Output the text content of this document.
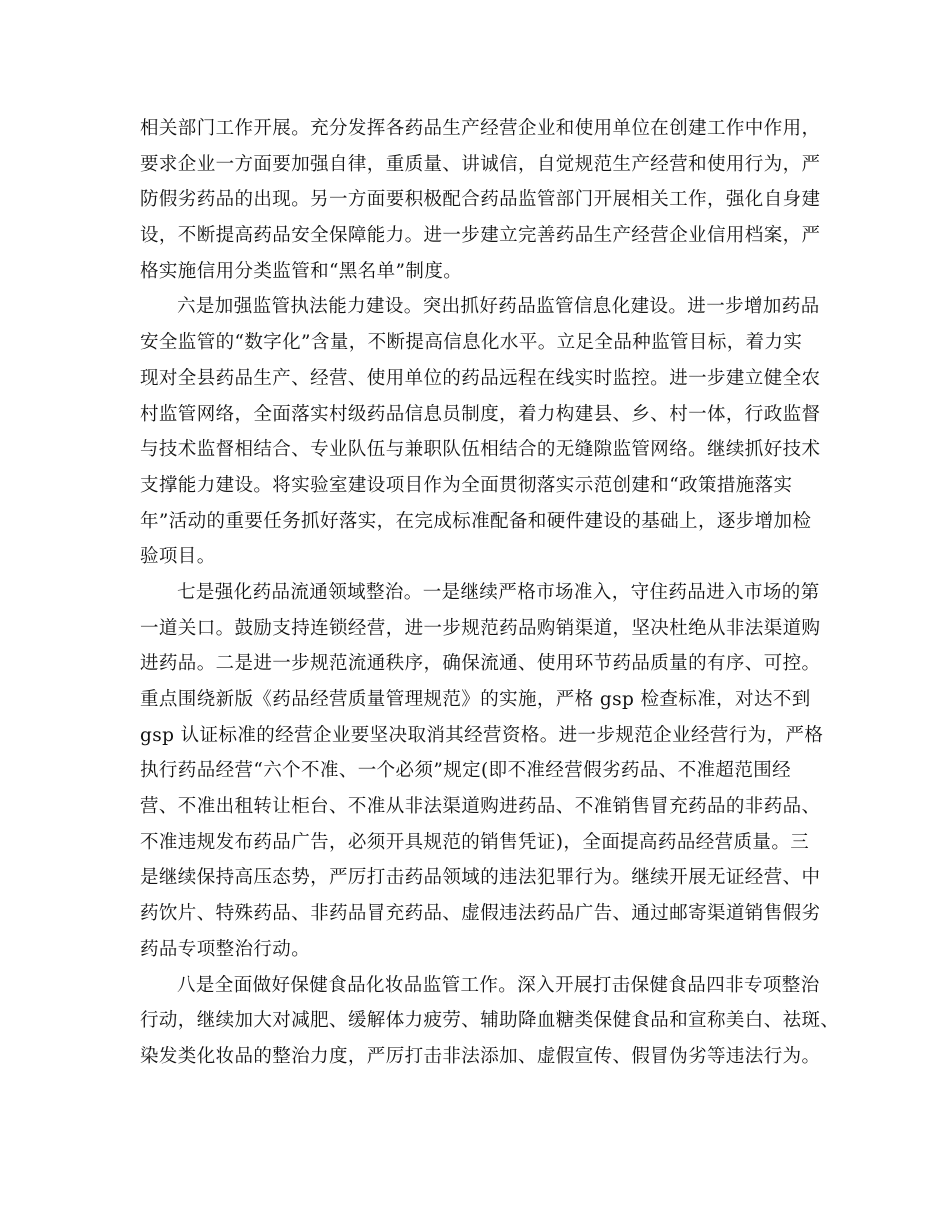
相关部门工作开展。充分发挥各药品生产经营企业和使用单位在创建工作中作用，
要求企业一方面要加强自律，重质量、讲诚信，自觉规范生产经营和使用行为，严
防假劣药品的出现。另一方面要积极配合药品监管部门开展相关工作，强化自身建
设，不断提高药品安全保障能力。进一步建立完善药品生产经营企业信用档案，严
格实施信用分类监管和“黑名单”制度。
六是加强监管执法能力建设。突出抓好药品监管信息化建设。进一步增加药品
安全监管的“数字化”含量，不断提高信息化水平。立足全品种监管目标，着力实
现对全县药品生产、经营、使用单位的药品远程在线实时监控。进一步建立健全农
村监管网络，全面落实村级药品信息员制度，着力构建县、乡、村一体，行政监督
与技术监督相结合、专业队伍与兼职队伍相结合的无缝隙监管网络。继续抓好技术
支撑能力建设。将实验室建设项目作为全面贯彻落实示范创建和“政策措施落实
年”活动的重要任务抓好落实，在完成标准配备和硬件建设的基础上，逐步增加检
验项目。
七是强化药品流通领域整治。一是继续严格市场准入，守住药品进入市场的第
一道关口。鼓励支持连锁经营，进一步规范药品购销渠道，坚决杜绝从非法渠道购
进药品。二是进一步规范流通秩序，确保流通、使用环节药品质量的有序、可控。
重点围绕新版《药品经营质量管理规范》的实施，严格 gsp 检查标准，对达不到
gsp 认证标准的经营企业要坚决取消其经营资格。进一步规范企业经营行为，严格
执行药品经营“六个不准、一个必须”规定(即不准经营假劣药品、不准超范围经
营、不准出租转让柜台、不准从非法渠道购进药品、不准销售冒充药品的非药品、
不准违规发布药品广告，必须开具规范的销售凭证)，全面提高药品经营质量。三
是继续保持高压态势，严厉打击药品领域的违法犯罪行为。继续开展无证经营、中
药饮片、特殊药品、非药品冒充药品、虚假违法药品广告、通过邮寄渠道销售假劣
药品专项整治行动。
八是全面做好保健食品化妆品监管工作。深入开展打击保健食品四非专项整治
行动，继续加大对减肥、缓解体力疲劳、辅助降血糖类保健食品和宣称美白、祛斑、
染发类化妆品的整治力度，严厉打击非法添加、虚假宣传、假冒伪劣等违法行为。
